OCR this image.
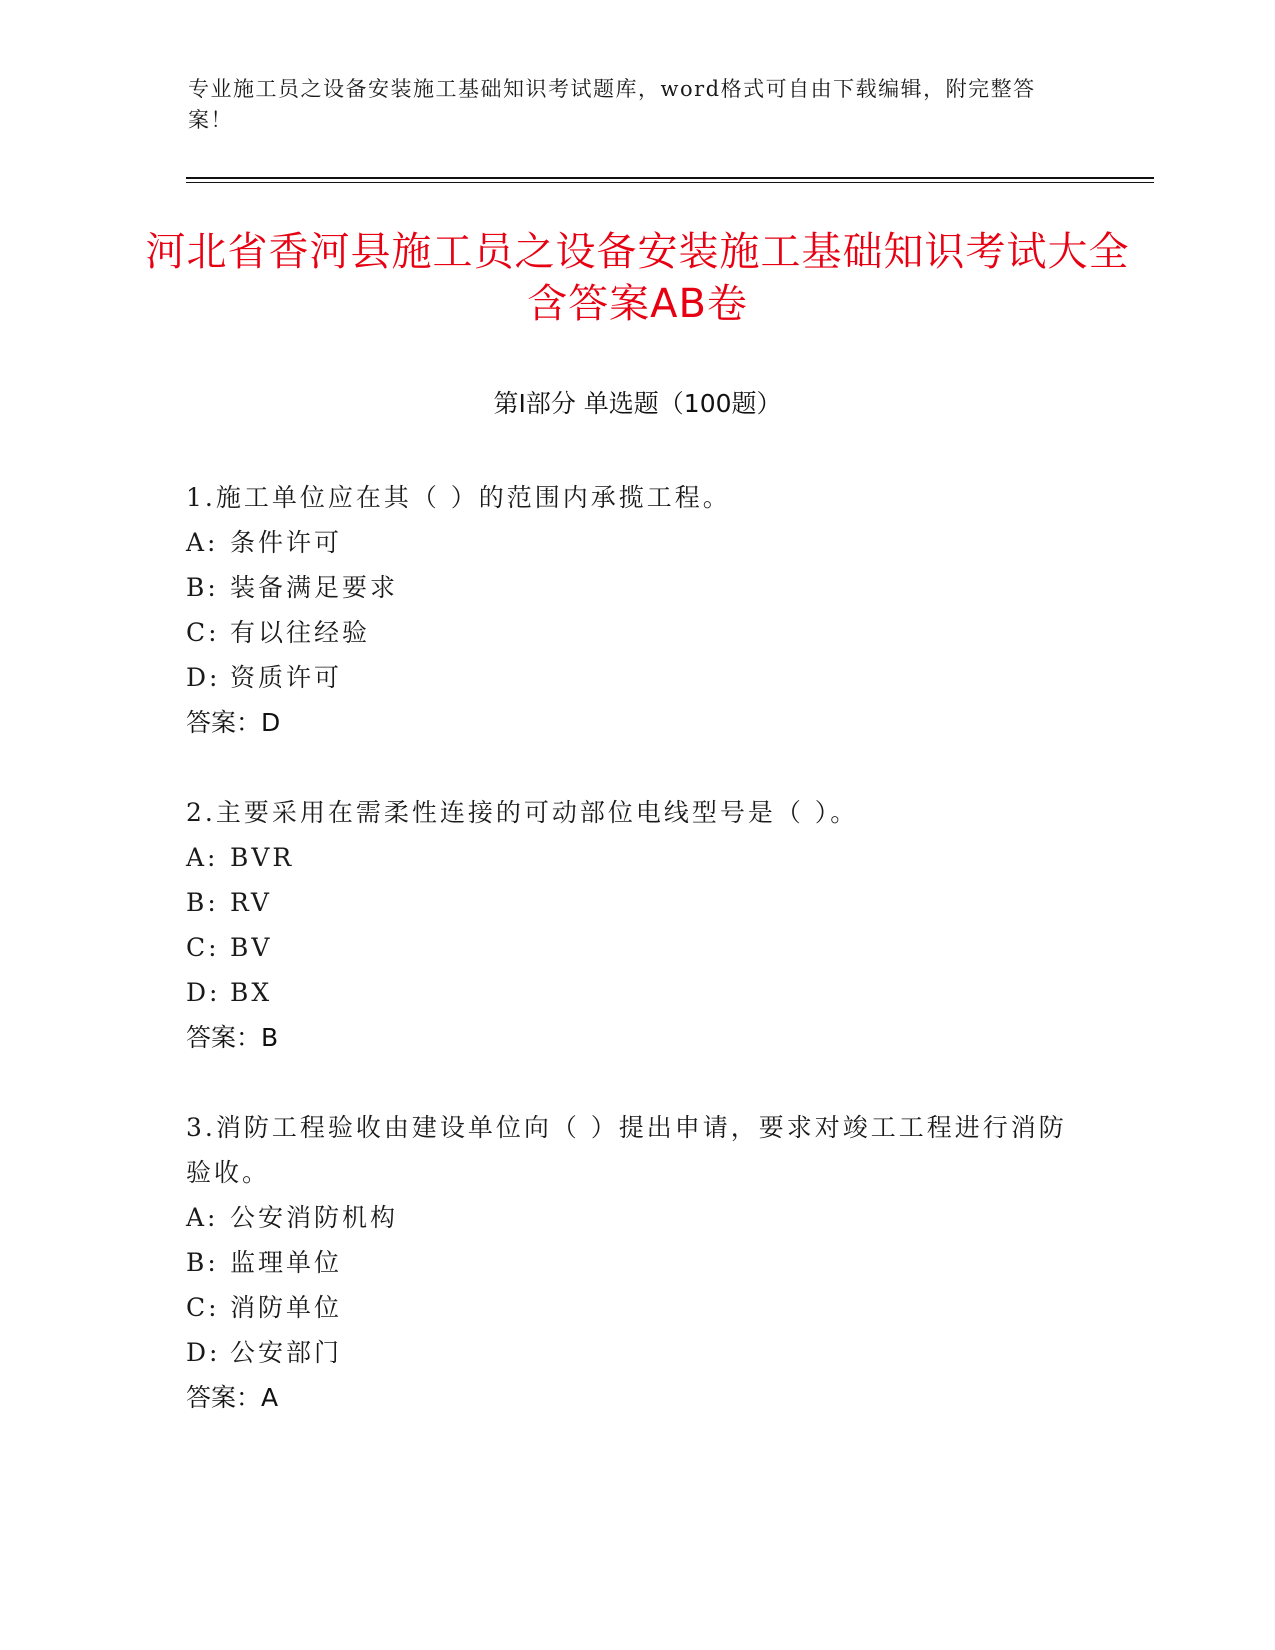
专业施工员之设备安装施工基础知识考试题库，word格式可自由下载编辑，附完整答案！

河北省香河县施工员之设备安装施工基础知识考试大全含答案AB卷
第Ⅰ部分 单选题（100题）

1.施工单位应在其（ ）的范围内承揽工程。

A: 条件许可

B: 装备满足要求

C: 有以往经验

D: 资质许可

答案：D

2.主要采用在需柔性连接的可动部位电线型号是（ ）。

A: BVR

B: RV

C: BV

D: BX

答案：B

3.消防工程验收由建设单位向（ ）提出申请，要求对竣工工程进行消防验收。

A: 公安消防机构

B: 监理单位

C: 消防单位

D: 公安部门

答案：A
